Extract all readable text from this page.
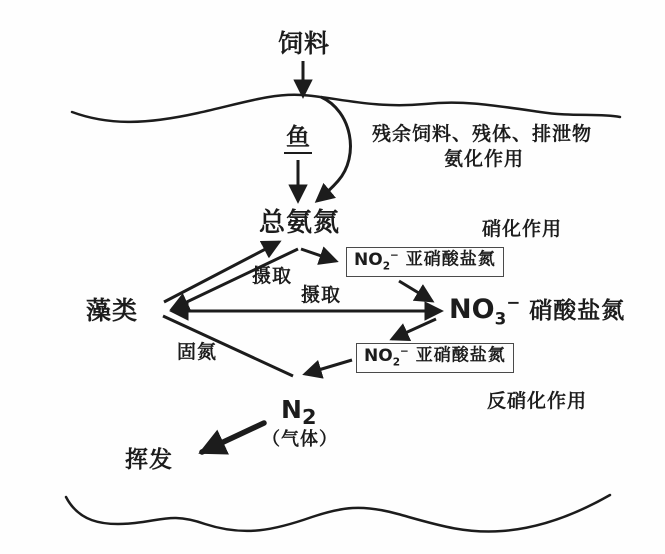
饲料
鱼	残余饲料、残体、排泄物
氨化作用
总氨氮	硝化作用
$NO_2^-$ 亚硝酸盐氮
摄取
摄取
藻类	$NO_3^-$ 硝酸盐氮
固氮	$NO_2^-$ 亚硝酸盐氮
反硝化作用
$N_2$
（气体）
挥发
